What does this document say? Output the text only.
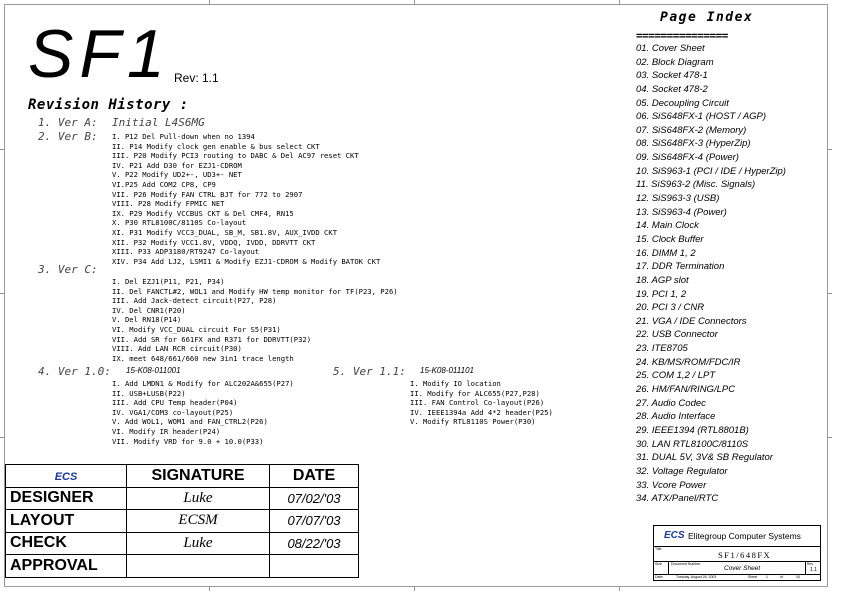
SF1 Rev: 1.1
Revision History :
1. Ver A: Initial L4S6MG
2. Ver B: I. P12 Del Pull-down when no 1394
II. P14 Modify clock gen enable & bus select CKT
III. P20 Modify PCI3 routing to DABC & Del AC97 reset CKT
IV. P21 Add D30 for EZJ1-CDROM
V. P22 Modify UD2+-, UD3+- NET
VI.P25 Add COM2 CP8, CP9
VII. P26 Modify FAN CTRL BJT for 772 to 2907
VIII. P28 Modify FPMIC NET
IX. P29 Modify VCCBUS CKT & Del CMF4, RN15
X. P30 RTL8100C/8110S Co-layout
XI. P31 Modify VCC3_DUAL, SB_M, SB1.8V, AUX_IVDD CKT
XII. P32 Modify VCC1.8V, VDDQ, IVDD, DDRVTT CKT
XIII. P33 ADP3180/RT9247 Co-layout
XIV. P34 Add LJ2, LSMI1 & Modify EZJ1-CDROM & Modify BATOK CKT
3. Ver C:
I. Del EZJ1(P11, P21, P34)
II. Del FANCTL#2, WOL1 and Modify HW temp monitor for TF(P23, P26)
III. Add Jack-detect circuit(P27, P28)
IV. Del CNR1(P20)
V. Del RN18(P14)
VI. Modify VCC_DUAL circuit For S5(P31)
VII. Add SR for 661FX and R371 for DDRVTT(P32)
VIII. Add LAN RCR circuit(P30)
IX. meet 648/661/660 new 3in1 trace length
4. Ver 1.0: 15-K08-011001
I. Add LMDN1 & Modify for ALC202A&655(P27)
II. USB+LUSB(P22)
III. Add CPU Temp header(P04)
IV. VGA1/COM3 co-layout(P25)
V. Add WOL1, WOM1 and FAN_CTRL2(P26)
VI. Modify IR header(P24)
VII. Modify VRD for 9.0 + 10.0(P33)
5. Ver 1.1: 15-K08-011101
I. Modify IO location
II. Modify for ALC655(P27,P28)
III. FAN Control Co-layout(P26)
IV. IEEE1394a Add 4*2 header(P25)
V. Modify RTL8110S Power(P30)
ECS	SIGNATURE	DATE
DESIGNER	Luke	07/02/'03
LAYOUT	ECSM	07/07/'03
CHECK	Luke	08/22/'03
APPROVAL		
Page Index
===============
01. Cover Sheet
02. Block Diagram
03. Socket 478-1
04. Socket 478-2
05. Decoupling Circuit
06. SiS648FX-1 (HOST / AGP)
07. SiS648FX-2 (Memory)
08. SiS648FX-3 (HyperZip)
09. SiS648FX-4 (Power)
10. SiS963-1 (PCI / IDE / HyperZip)
11. SiS963-2 (Misc. Signals)
12. SiS963-3 (USB)
13. SiS963-4 (Power)
14. Main Clock
15. Clock Buffer
16. DIMM 1, 2
17. DDR Termination
18. AGP slot
19. PCI 1, 2
20. PCI 3 / CNR
21. VGA / IDE Connectors
22. USB Connector
23. ITE8705
24. KB/MS/ROM/FDC/IR
25. COM 1,2 / LPT
26. HM/FAN/RING/LPC
27. Audio Codec
28. Audio Interface
29. IEEE1394 (RTL8801B)
30. LAN RTL8100C/8110S
31. DUAL 5V, 3V& SB Regulator
32. Voltage Regulator
33. Vcore Power
34. ATX/Panel/RTC
ECS Elitegroup Computer Systems
Title
SF1/648FX
Size	Document Number
Cover Sheet
Rev
1.1
Date:	Tuesday, August 26, 2003	Sheet	1	of	34
